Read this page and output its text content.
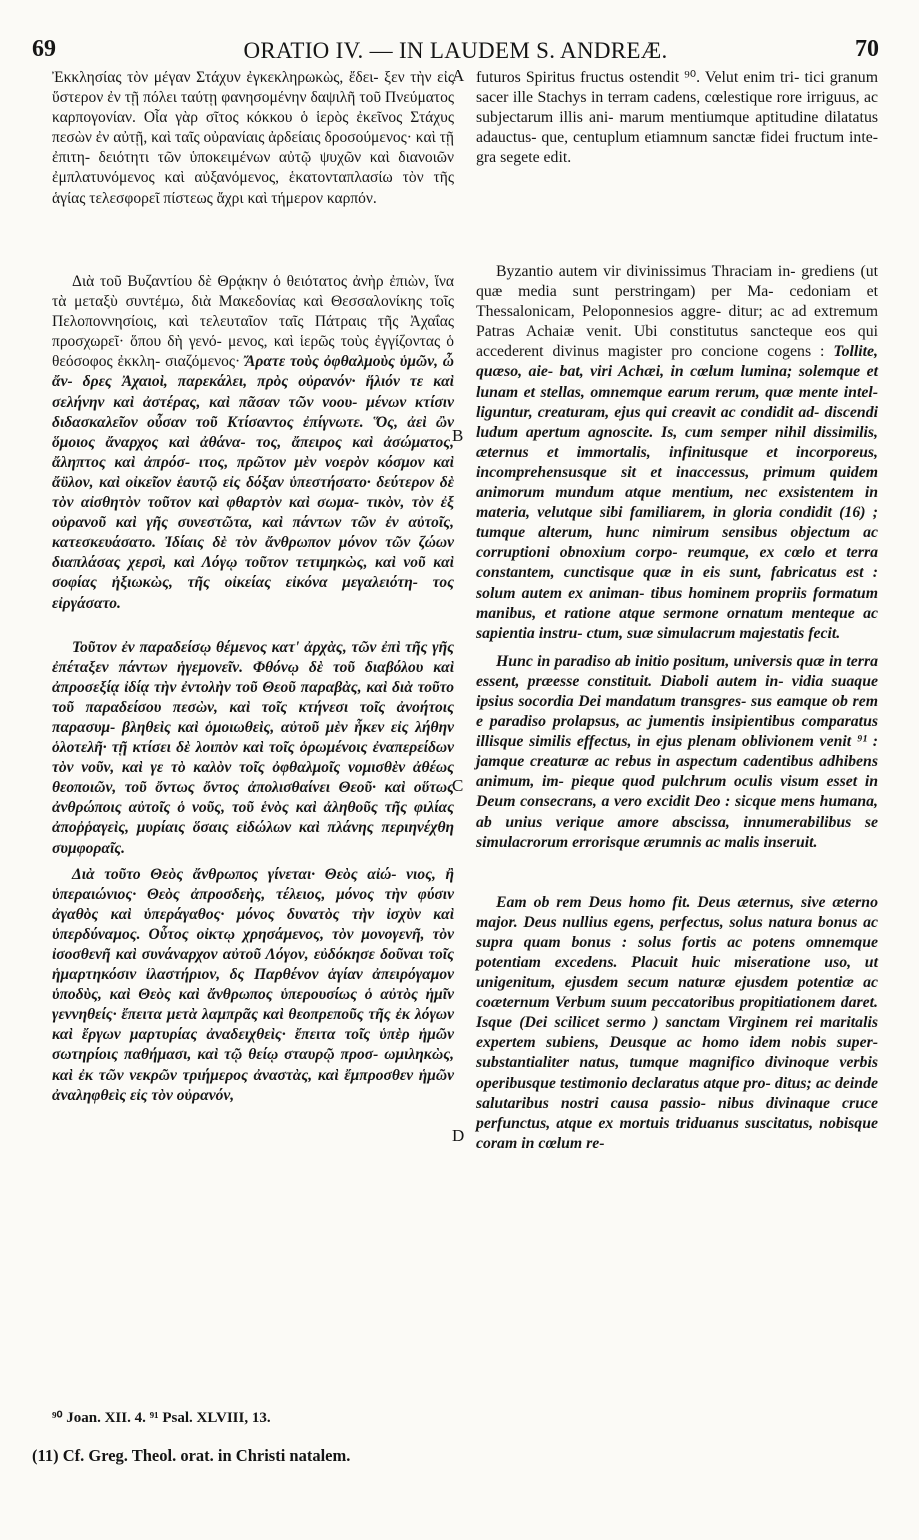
69	ORATIO IV. — IN LAUDEM S. ANDREÆ.	70
A
B
C
D

Ἐκκλησίας τὸν μέγαν Στάχυν ἐγκεκληρωκὼς, ἔδει- ξεν τὴν εἰς ὕστερον ἐν τῇ πόλει ταύτῃ φανησομένην δαψιλῆ τοῦ Πνεύματος καρπογονίαν. Οἷα γὰρ σῖτος κόκκου ὁ ἱερὸς ἐκεῖνος Στάχυς πεσὼν ἐν αὐτῇ, καὶ ταῖς οὐρανίαις ἀρδείαις δροσούμενος· καὶ τῇ ἐπιτη- δειότητι τῶν ὑποκειμένων αὐτῷ ψυχῶν καὶ διανοιῶν ἐμπλατυνόμενος καὶ αὐξανόμενος, ἑκατονταπλασίω τὸν τῆς ἁγίας τελεσφορεῖ πίστεως ἄχρι καὶ τήμερον καρπόν.

Διὰ τοῦ Βυζαντίου δὲ Θρᾴκην ὁ θειότατος ἀνὴρ ἐπιὼν, ἵνα τὰ μεταξὺ συντέμω, διὰ Μακεδονίας καὶ Θεσσαλονίκης τοῖς Πελοποννησίοις, καὶ τελευταῖον ταῖς Πάτραις τῆς Ἀχαΐας προσχωρεῖ· ὅπου δὴ γενό- μενος, καὶ ἱερῶς τοὺς ἐγγίζοντας ὁ θεόσοφος ἐκκλη- σιαζόμενος· Ἄρατε τοὺς ὀφθαλμοὺς ὑμῶν, ὦ ἄν- δρες Ἀχαιοὶ, παρεκάλει, πρὸς οὐρανόν· ἥλιόν τε καὶ σελήνην καὶ ἀστέρας, καὶ πᾶσαν τῶν νοου- μένων κτίσιν διδασκαλεῖον οὖσαν τοῦ Κτίσαντος ἐπίγνωτε. Ὅς, ἀεὶ ὢν ὅμοιος ἄναρχος καὶ ἀθάνα- τος, ἄπειρος καὶ ἀσώματος, ἄληπτος καὶ ἀπρόσ- ιτος, πρῶτον μὲν νοερὸν κόσμον καὶ ἄϋλον, καὶ οἰκεῖον ἑαυτῷ εἰς δόξαν ὑπεστήσατο· δεύτερον δὲ τὸν αἰσθητὸν τοῦτον καὶ φθαρτὸν καὶ σωμα- τικὸν, τὸν ἐξ οὐρανοῦ καὶ γῆς συνεστῶτα, καὶ πάντων τῶν ἐν αὐτοῖς, κατεσκευάσατο. Ἰδίαις δὲ τὸν ἄνθρωπον μόνον τῶν ζώων διαπλάσας χερσὶ, καὶ Λόγῳ τοῦτον τετιμηκὼς, καὶ νοῦ καὶ σοφίας ἠξιωκὼς, τῆς οἰκείας εἰκόνα μεγαλειότη- τος εἰργάσατο.

Τοῦτον ἐν παραδείσῳ θέμενος κατ' ἀρχὰς, τῶν ἐπὶ τῆς γῆς ἐπέταξεν πάντων ἡγεμονεῖν. Φθόνῳ δὲ τοῦ διαβόλου καὶ ἀπροσεξίᾳ ἰδίᾳ τὴν ἐντολὴν τοῦ Θεοῦ παραβὰς, καὶ διὰ τοῦτο τοῦ παραδείσου πεσὼν, καὶ τοῖς κτήνεσι τοῖς ἀνοήτοις παρασυμ- βληθεὶς καὶ ὁμοιωθεὶς, αὐτοῦ μὲν ἧκεν εἰς λήθην ὁλοτελῆ· τῇ κτίσει δὲ λοιπὸν καὶ τοῖς ὁρωμένοις ἐναπερείδων τὸν νοῦν, καὶ γε τὸ καλὸν τοῖς ὀφθαλμοῖς νομισθὲν ἀθέως θεοποιῶν, τοῦ ὄντως ὄντος ἀπολισθαίνει Θεοῦ· καὶ οὕτως ἀνθρώποις αὐτοῖς ὁ νοῦς, τοῦ ἑνὸς καὶ ἀληθοῦς τῆς φιλίας ἀποῤῥαγεὶς, μυρίαις ὅσαις εἰδώλων καὶ πλάνης περιηνέχθη συμφοραῖς.

Διὰ τοῦτο Θεὸς ἄνθρωπος γίνεται· Θεὸς αἰώ- νιος, ἢ ὑπεραιώνιος· Θεὸς ἀπροσδεὴς, τέλειος, μόνος τὴν φύσιν ἀγαθὸς καὶ ὑπεράγαθος· μόνος δυνατὸς τὴν ἰσχὺν καὶ ὑπερδύναμος. Οὗτος οἰκτῳ χρησάμενος, τὸν μονογενῆ, τὸν ἰσοσθενῆ καὶ συνάναρχον αὐτοῦ Λόγον, εὐδόκησε δοῦναι τοῖς ἡμαρτηκόσιν ἱλαστήριον, δς Παρθένον ἁγίαν ἀπειρόγαμον ὑποδὺς, καὶ Θεὸς καὶ ἄνθρωπος ὑπερουσίως ὁ αὐτὸς ἡμῖν γεννηθείς· ἔπειτα μετὰ λαμπρᾶς καὶ θεοπρεποῦς τῆς ἐκ λόγων καὶ ἔργων μαρτυρίας ἀναδειχθεὶς· ἔπειτα τοῖς ὑπὲρ ἡμῶν σωτηρίοις παθήμασι, καὶ τῷ θείῳ σταυρῷ προσ- ωμιληκὼς, καὶ ἐκ τῶν νεκρῶν τριήμερος ἀναστὰς, καὶ ἔμπροσθεν ἡμῶν ἀναληφθεὶς εἰς τὸν οὐρανόν,

futuros Spiritus fructus ostendit ⁹⁰. Velut enim tri- tici granum sacer ille Stachys in terram cadens, cœlestique rore irriguus, ac subjectarum illis ani- marum mentiumque aptitudine dilatatus adauctus- que, centuplum etiamnum sanctæ fidei fructum inte- gra segete edit.

Byzantio autem vir divinissimus Thraciam in- grediens (ut quæ media sunt perstringam) per Ma- cedoniam et Thessalonicam, Peloponnesios aggre- ditur; ac ad extremum Patras Achaiæ venit. Ubi constitutus sancteque eos qui accederent divinus magister pro concione cogens : Tollite, quæso, aie- bat, viri Achæi, in cœlum lumina; solemque et lunam et stellas, omnemque earum rerum, quæ mente intel- liguntur, creaturam, ejus qui creavit ac condidit ad- discendi ludum apertum agnoscite. Is, cum semper nihil dissimilis, æternus et immortalis, infinitusque et incorporeus, incomprehensusque sit et inaccessus, primum quidem animorum mundum atque mentium, nec exsistentem in materia, velutque sibi familiarem, in gloria condidit (16) ; tumque alterum, hunc nimirum sensibus objectum ac corruptioni obnoxium corpo- reumque, ex cœlo et terra constantem, cunctisque quæ in eis sunt, fabricatus est : solum autem ex animan- tibus hominem propriis formatum manibus, et ratione atque sermone ornatum menteque ac sapientia instru- ctum, suæ simulacrum majestatis fecit.

Hunc in paradiso ab initio positum, universis quæ in terra essent, præesse constituit. Diaboli autem in- vidia suaque ipsius socordia Dei mandatum transgres- sus eamque ob rem e paradiso prolapsus, ac jumentis insipientibus comparatus illisque similis effectus, in ejus plenam oblivionem venit ⁹¹ : jamque creaturæ ac rebus in aspectum cadentibus adhibens animum, im- pieque quod pulchrum oculis visum esset in Deum consecrans, a vero excidit Deo : sicque mens humana, ab unius verique amore abscissa, innumerabilibus se simulacrorum errorisque ærumnis ac malis inseruit.

Eam ob rem Deus homo fit. Deus æternus, sive æterno major. Deus nullius egens, perfectus, solus natura bonus ac supra quam bonus : solus fortis ac potens omnemque potentiam excedens. Placuit huic miseratione uso, ut unigenitum, ejusdem secum naturæ ejusdem potentiæ ac coæternum Verbum suum peccatoribus propitiationem daret. Isque (Dei scilicet sermo ) sanctam Virginem rei maritalis expertem subiens, Deusque ac homo idem nobis super- substantialiter natus, tumque magnifico divinoque verbis operibusque testimonio declaratus atque pro- ditus; ac deinde salutaribus nostri causa passio- nibus divinaque cruce perfunctus, atque ex mortuis triduanus suscitatus, nobisque coram in cœlum re-

⁹⁰ Joan. XII. 4. ⁹¹ Psal. XLVIII, 13.
(11) Cf. Greg. Theol. orat. in Christi natalem.
